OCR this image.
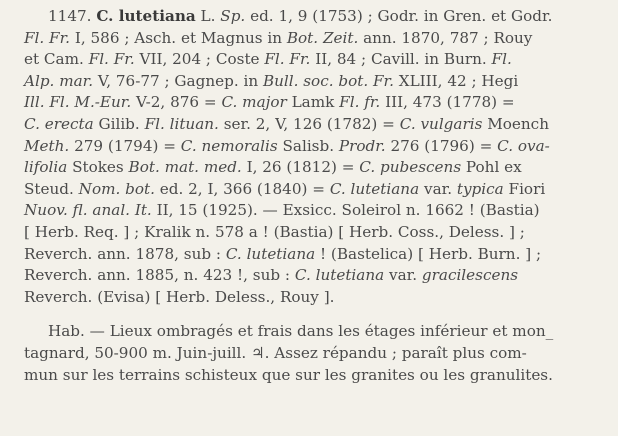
1147. C. lutetiana L. Sp. ed. 1, 9 (1753) ; Godr. in Gren. et Godr.
Fl. Fr. I, 586 ; Asch. et Magnus in Bot. Zeit. ann. 1870, 787 ; Rouy
et Cam. Fl. Fr. VII, 204 ; Coste Fl. Fr. II, 84 ; Cavill. in Burn. Fl.
Alp. mar. V, 76-77 ; Gagnep. in Bull. soc. bot. Fr. XLIII, 42 ; Hegi
Ill. Fl. M.-Eur. V-2, 876 = C. major Lamk Fl. fr. III, 473 (1778) =
C. erecta Gilib. Fl. lituan. ser. 2, V, 126 (1782) = C. vulgaris Moench
Meth. 279 (1794) = C. nemoralis Salisb. Prodr. 276 (1796) = C. ova-
lifolia Stokes Bot. mat. med. I, 26 (1812) = C. pubescens Pohl ex
Steud. Nom. bot. ed. 2, I, 366 (1840) = C. lutetiana var. typica Fiori
Nuov. fl. anal. It. II, 15 (1925). — Exsicc. Soleirol n. 1662 ! (Bastia)
[ Herb. Req. ] ; Kralik n. 578 a ! (Bastia) [ Herb. Coss., Deless. ] ;
Reverch. ann. 1878, sub : C. lutetiana ! (Bastelica) [ Herb. Burn. ] ;
Reverch. ann. 1885, n. 423 !, sub : C. lutetiana var. gracilescens
Reverch. (Evisa) [ Herb. Deless., Rouy ].
Hab. — Lieux ombragés et frais dans les étages inférieur et mon_
tagnard, 50-900 m. Juin-juill. ♃. Assez répandu ; paraît plus com-
mun sur les terrains schisteux que sur les granites ou les granulites.
